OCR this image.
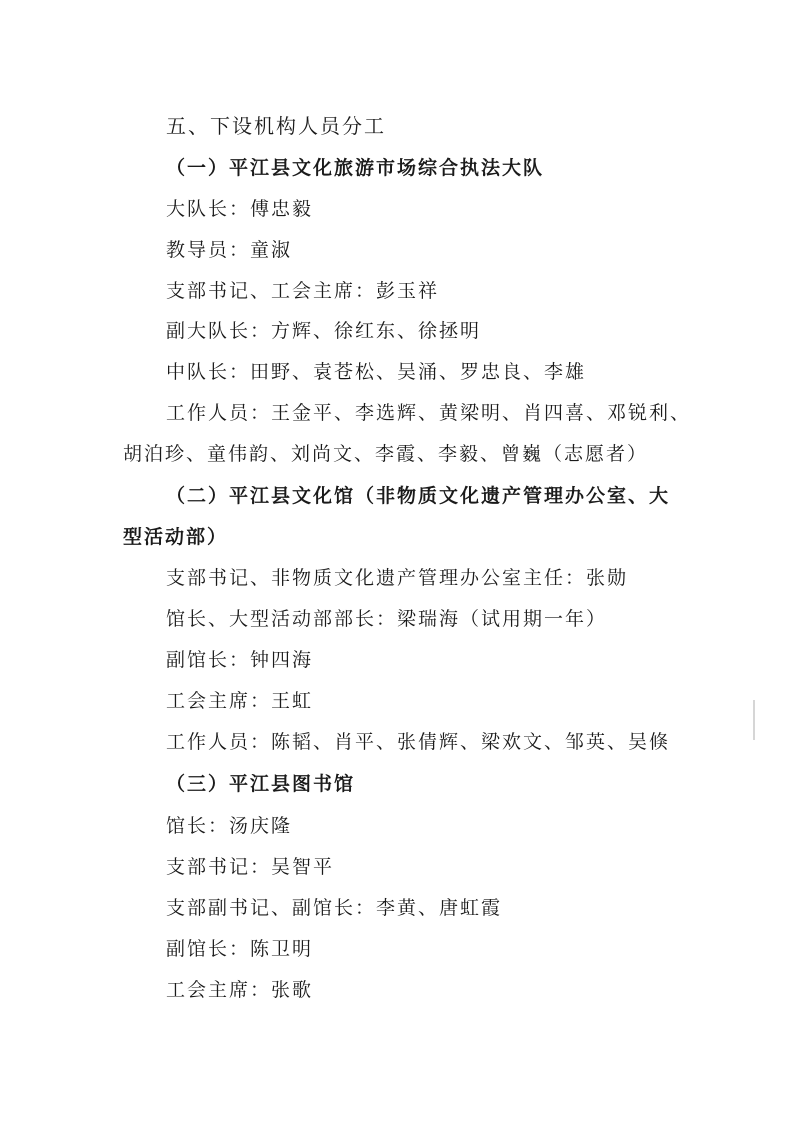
五、下设机构人员分工
（一）平江县文化旅游市场综合执法大队
大队长：傅忠毅
教导员：童淑
支部书记、工会主席：彭玉祥
副大队长：方辉、徐红东、徐拯明
中队长：田野、袁苍松、吴涌、罗忠良、李雄
工作人员：王金平、李选辉、黄梁明、肖四喜、邓锐利、
胡泊珍、童伟韵、刘尚文、李霞、李毅、曾巍（志愿者）
（二）平江县文化馆（非物质文化遗产管理办公室、大
型活动部）
支部书记、非物质文化遗产管理办公室主任：张勋
馆长、大型活动部部长：梁瑞海（试用期一年）
副馆长：钟四海
工会主席：王虹
工作人员：陈韬、肖平、张倩辉、梁欢文、邹英、吴倏
（三）平江县图书馆
馆长：汤庆隆
支部书记：吴智平
支部副书记、副馆长：李黄、唐虹霞
副馆长：陈卫明
工会主席：张歌
